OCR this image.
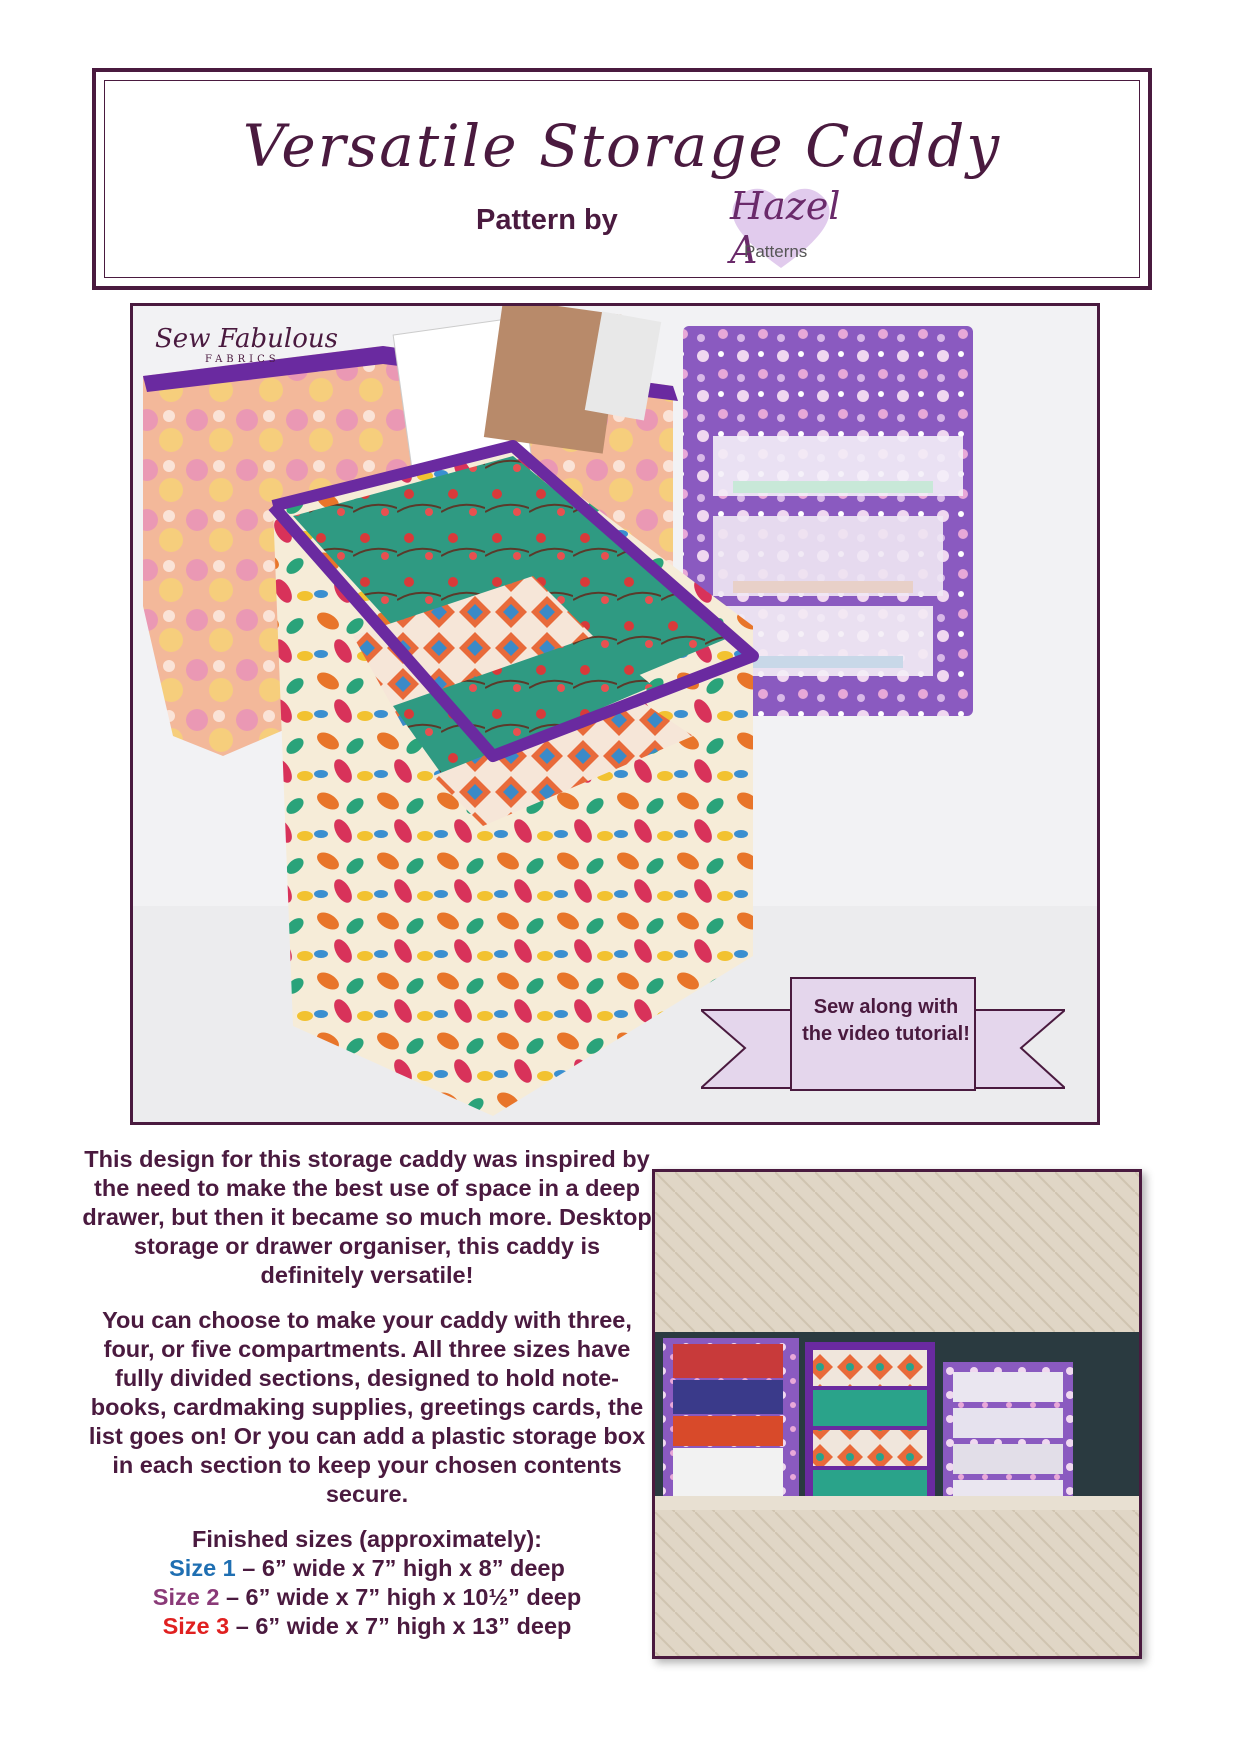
Versatile Storage Caddy
Pattern by	Hazel A
Patterns
Sew Fabulous
FABRICS
Sew along with the video tutorial!

This design for this storage caddy was inspired by the need to make the best use of space in a deep drawer, but then it became so much more. Desktop storage or drawer organiser, this caddy is definitely versatile!

You can choose to make your caddy with three, four, or five compartments. All three sizes have fully divided sections, designed to hold note-books, cardmaking supplies, greetings cards, the list goes on! Or you can add a plastic storage box in each section to keep your chosen contents secure.

Finished sizes (approximately):
Size 1 – 6” wide x 7” high x 8” deep
Size 2 – 6” wide x 7” high x 10½” deep
Size 3 – 6” wide x 7” high x 13” deep
